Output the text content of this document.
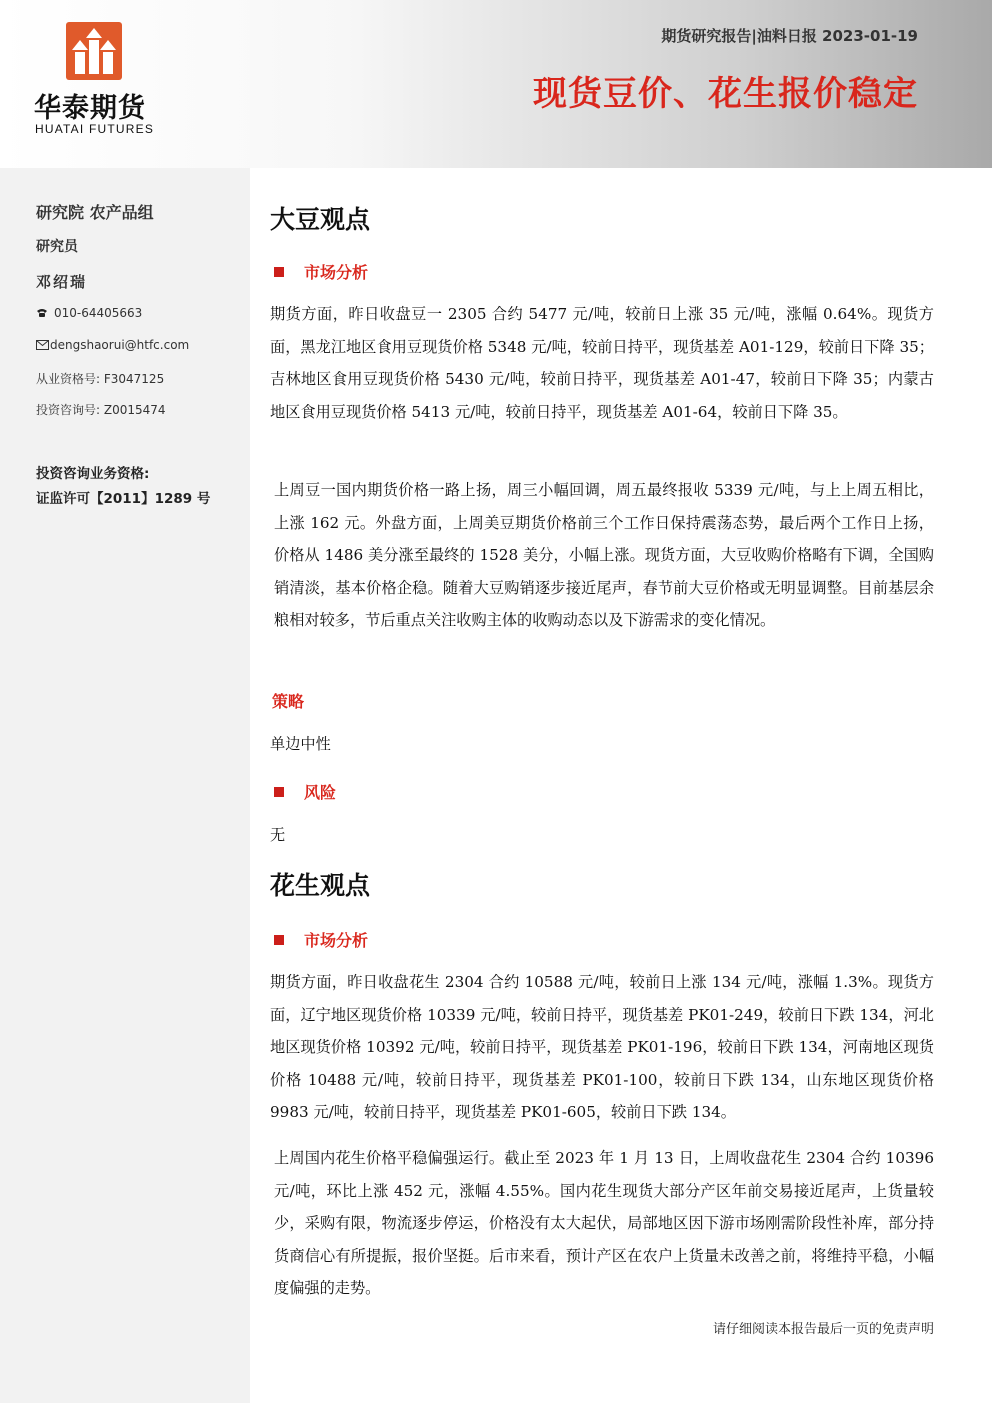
华泰期货
HUATAI FUTURES
期货研究报告|油料日报 2023-01-19
现货豆价、花生报价稳定
研究院 农产品组
研究员
邓绍瑞
010-64405663
dengshaorui@htfc.com
从业资格号: F3047125
投资咨询号: Z0015474
投资咨询业务资格:
证监许可【2011】1289 号
大豆观点
市场分析

期货方面，昨日收盘豆一 2305 合约 5477 元/吨，较前日上涨 35 元/吨，涨幅 0.64%。现货方面，黑龙江地区食用豆现货价格 5348 元/吨，较前日持平，现货基差 A01-129，较前日下降 35；吉林地区食用豆现货价格 5430 元/吨，较前日持平，现货基差 A01-47，较前日下降 35；内蒙古地区食用豆现货价格 5413 元/吨，较前日持平，现货基差 A01-64，较前日下降 35。

上周豆一国内期货价格一路上扬，周三小幅回调，周五最终报收 5339 元/吨，与上上周五相比，上涨 162 元。外盘方面，上周美豆期货价格前三个工作日保持震荡态势，最后两个工作日上扬，价格从 1486 美分涨至最终的 1528 美分，小幅上涨。现货方面，大豆收购价格略有下调，全国购销清淡，基本价格企稳。随着大豆购销逐步接近尾声，春节前大豆价格或无明显调整。目前基层余粮相对较多，节后重点关注收购主体的收购动态以及下游需求的变化情况。

策略

单边中性

风险

无

花生观点
市场分析

期货方面，昨日收盘花生 2304 合约 10588 元/吨，较前日上涨 134 元/吨，涨幅 1.3%。现货方面，辽宁地区现货价格 10339 元/吨，较前日持平，现货基差 PK01-249，较前日下跌 134，河北地区现货价格 10392 元/吨，较前日持平，现货基差 PK01-196，较前日下跌 134，河南地区现货价格 10488 元/吨，较前日持平，现货基差 PK01-100，较前日下跌 134，山东地区现货价格 9983 元/吨，较前日持平，现货基差 PK01-605，较前日下跌 134。

上周国内花生价格平稳偏强运行。截止至 2023 年 1 月 13 日，上周收盘花生 2304 合约 10396 元/吨，环比上涨 452 元，涨幅 4.55%。国内花生现货大部分产区年前交易接近尾声，上货量较少，采购有限，物流逐步停运，价格没有太大起伏，局部地区因下游市场刚需阶段性补库，部分持货商信心有所提振，报价坚挺。后市来看，预计产区在农户上货量未改善之前，将维持平稳，小幅度偏强的走势。

请仔细阅读本报告最后一页的免责声明
